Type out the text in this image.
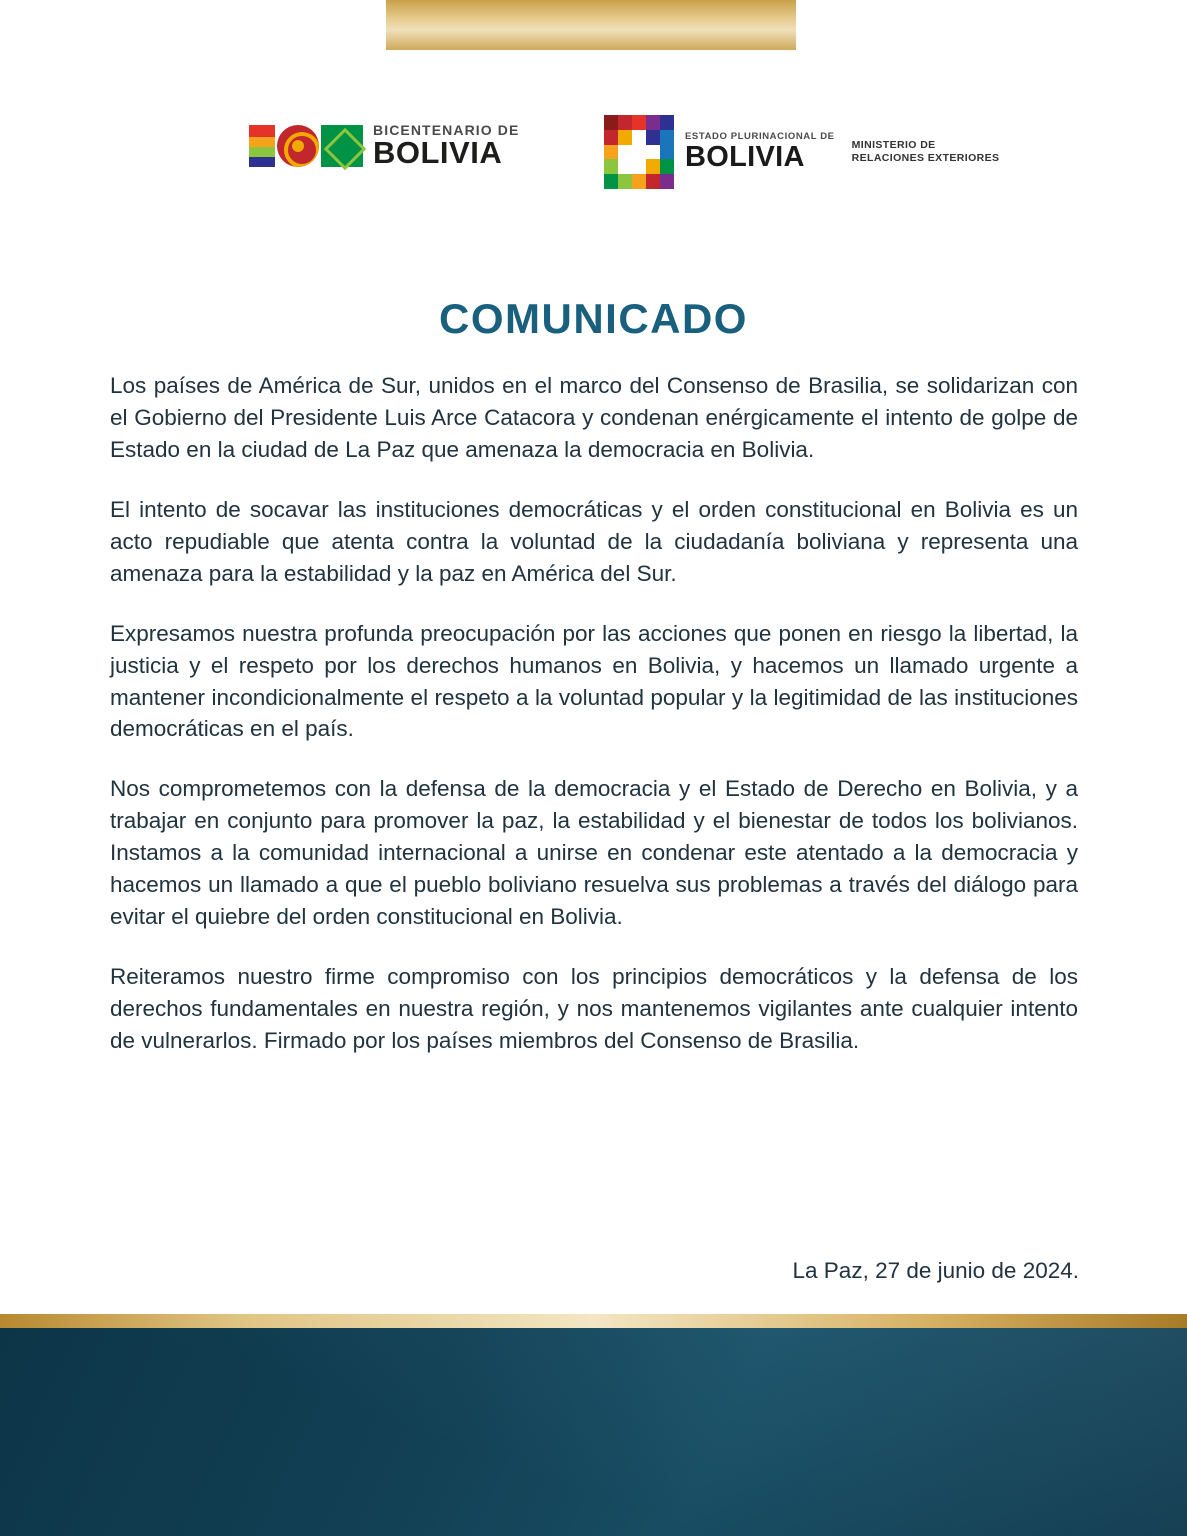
BICENTENARIO DE
BOLIVIA	ESTADO PLURINACIONAL DE
BOLIVIA	MINISTERIO DE
RELACIONES EXTERIORES
COMUNICADO

Los países de América de Sur, unidos en el marco del Consenso de Brasilia, se solidarizan con el Gobierno del Presidente Luis Arce Catacora y condenan enérgicamente el intento de golpe de Estado en la ciudad de La Paz que amenaza la democracia en Bolivia.

El intento de socavar las instituciones democráticas y el orden constitucional en Bolivia es un acto repudiable que atenta contra la voluntad de la ciudadanía boliviana y representa una amenaza para la estabilidad y la paz en América del Sur.

Expresamos nuestra profunda preocupación por las acciones que ponen en riesgo la libertad, la justicia y el respeto por los derechos humanos en Bolivia, y hacemos un llamado urgente a mantener incondicionalmente el respeto a la voluntad popular y la legitimidad de las instituciones democráticas en el país.

Nos comprometemos con la defensa de la democracia y el Estado de Derecho en Bolivia, y a trabajar en conjunto para promover la paz, la estabilidad y el bienestar de todos los bolivianos. Instamos a la comunidad internacional a unirse en condenar este atentado a la democracia y hacemos un llamado a que el pueblo boliviano resuelva sus problemas a través del diálogo para evitar el quiebre del orden constitucional en Bolivia.

Reiteramos nuestro firme compromiso con los principios democráticos y la defensa de los derechos fundamentales en nuestra región, y nos mantenemos vigilantes ante cualquier intento de vulnerarlos. Firmado por los países miembros del Consenso de Brasilia.

La Paz, 27 de junio de 2024.
